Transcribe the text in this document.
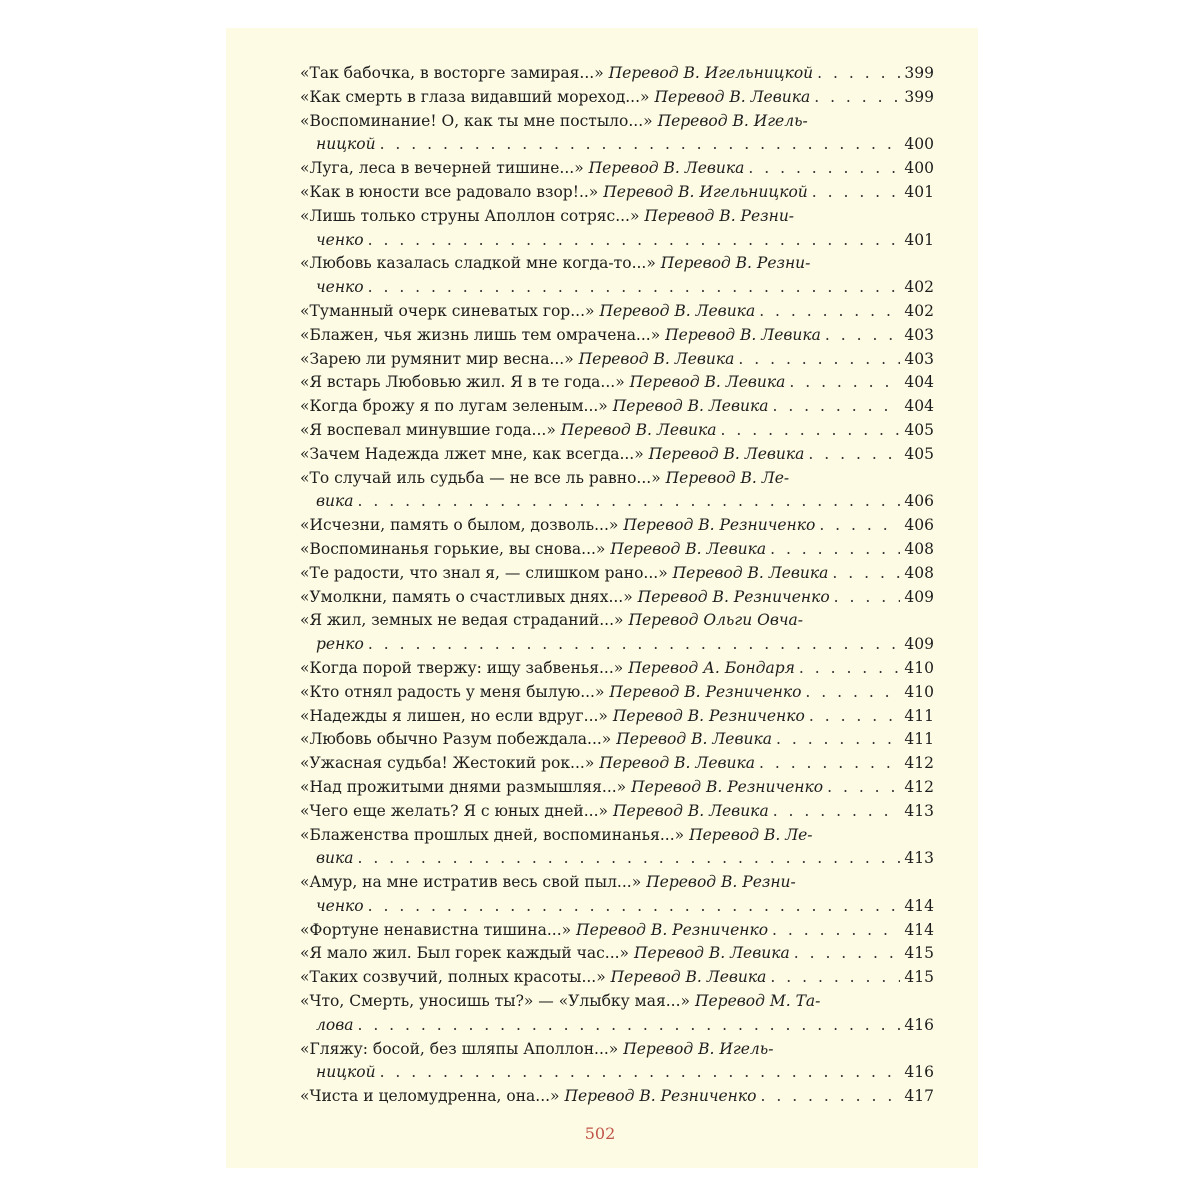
«Так бабочка, в восторге замирая...»
Перевод В. Игельницкой . . .	399
«Как смерть в глаза видавший мореход...»
Перевод В. Левика . . .	399
«Воспоминание! О, как ты мне постыло...»
Перевод В. Игель-
ницкой . . .	400
«Луга, леса в вечерней тишине...»
Перевод В. Левика . . .	400
«Как в юности все радовало взор!..»
Перевод В. Игельницкой . . .	401
«Лишь только струны Аполлон сотряс...»
Перевод В. Резни-
ченко . . .	401
«Любовь казалась сладкой мне когда-то...»
Перевод В. Резни-
ченко . . .	402
«Туманный очерк синеватых гор...»
Перевод В. Левика . . .	402
«Блажен, чья жизнь лишь тем омрачена...»
Перевод В. Левика . . .	403
«Зарею ли румянит мир весна...»
Перевод В. Левика . . .	403
«Я встарь Любовью жил. Я в те года...»
Перевод В. Левика . . .	404
«Когда брожу я по лугам зеленым...»
Перевод В. Левика . . .	404
«Я воспевал минувшие года...»
Перевод В. Левика . . .	405
«Зачем Надежда лжет мне, как всегда...»
Перевод В. Левика . . .	405
«То случай иль судьба — не все ль равно...»
Перевод В. Ле-
вика . . .	406
«Исчезни, память о былом, дозволь...»
Перевод В. Резниченко . . .	406
«Воспоминанья горькие, вы снова...»
Перевод В. Левика . . .	408
«Те радости, что знал я, — слишком рано...»
Перевод В. Левика . . .	408
«Умолкни, память о счастливых днях...»
Перевод В. Резниченко . . .	409
«Я жил, земных не ведая страданий...»
Перевод Ольги Овча-
ренко . . .	409
«Когда порой твержу: ищу забвенья...»
Перевод А. Бондаря . . .	410
«Кто отнял радость у меня былую...»
Перевод В. Резниченко . . .	410
«Надежды я лишен, но если вдруг...»
Перевод В. Резниченко . . .	411
«Любовь обычно Разум побеждала...»
Перевод В. Левика . . .	411
«Ужасная судьба! Жестокий рок...»
Перевод В. Левика . . .	412
«Над прожитыми днями размышляя...»
Перевод В. Резниченко . . .	412
«Чего еще желать? Я с юных дней...»
Перевод В. Левика . . .	413
«Блаженства прошлых дней, воспоминанья...»
Перевод В. Ле-
вика . . .	413
«Амур, на мне истратив весь свой пыл...»
Перевод В. Резни-
ченко . . .	414
«Фортуне ненавистна тишина...»
Перевод В. Резниченко . . .	414
«Я мало жил. Был горек каждый час...»
Перевод В. Левика . . .	415
«Таких созвучий, полных красоты...»
Перевод В. Левика . . .	415
«Что, Смерть, уносишь ты?» — «Улыбку мая...»
Перевод М. Та-
лова . . .	416
«Гляжу: босой, без шляпы Аполлон...»
Перевод В. Игель-
ницкой . . .	416
«Чиста и целомудренна, она...»
Перевод В. Резниченко . . .	417
502
